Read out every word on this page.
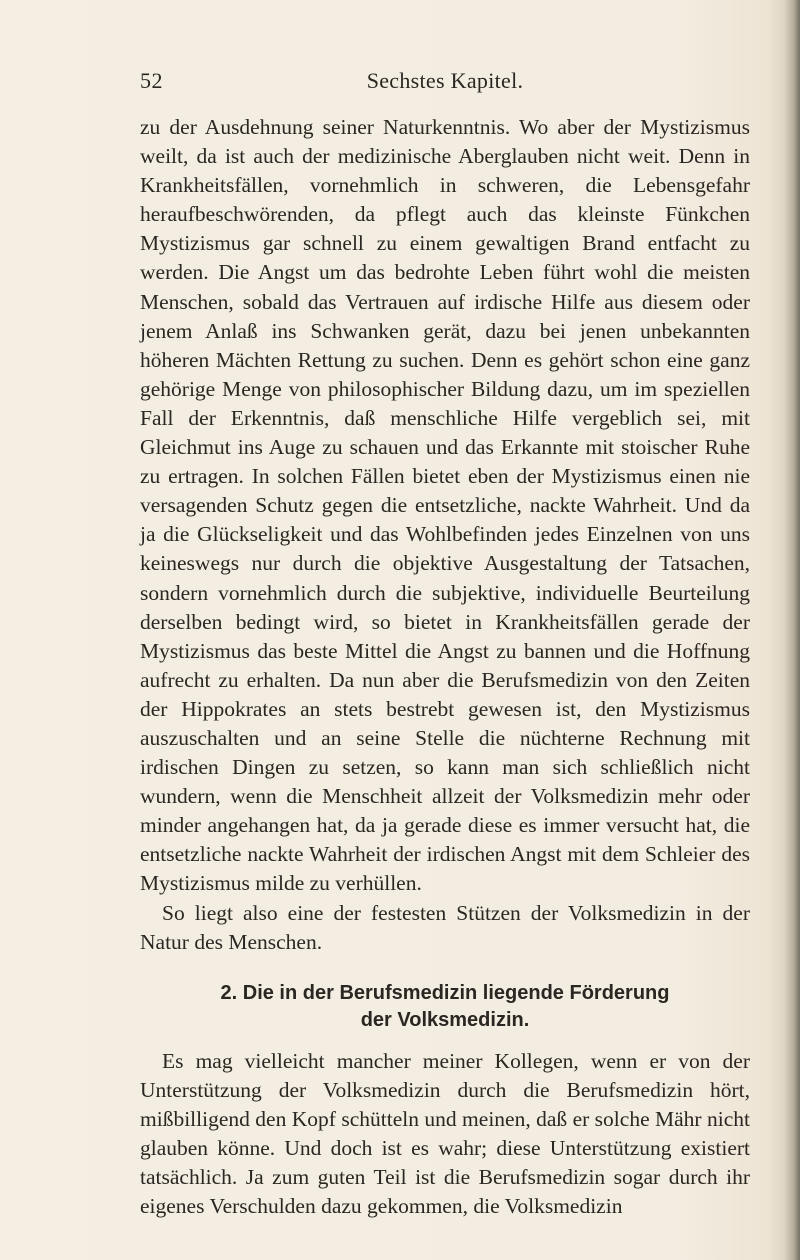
52	Sechstes Kapitel.

zu der Ausdehnung seiner Naturkenntnis. Wo aber der Mystizismus weilt, da ist auch der medizinische Aberglauben nicht weit. Denn in Krankheitsfällen, vornehmlich in schweren, die Lebensgefahr heraufbeschwörenden, da pflegt auch das kleinste Fünkchen Mystizismus gar schnell zu einem gewaltigen Brand entfacht zu werden. Die Angst um das bedrohte Leben führt wohl die meisten Menschen, sobald das Vertrauen auf irdische Hilfe aus diesem oder jenem Anlaß ins Schwanken gerät, dazu bei jenen unbekannten höheren Mächten Rettung zu suchen. Denn es gehört schon eine ganz gehörige Menge von philosophischer Bildung dazu, um im speziellen Fall der Erkenntnis, daß menschliche Hilfe vergeblich sei, mit Gleichmut ins Auge zu schauen und das Erkannte mit stoischer Ruhe zu ertragen. In solchen Fällen bietet eben der Mystizismus einen nie versagenden Schutz gegen die entsetzliche, nackte Wahrheit. Und da ja die Glückseligkeit und das Wohlbefinden jedes Einzelnen von uns keineswegs nur durch die objektive Ausgestaltung der Tatsachen, sondern vornehmlich durch die subjektive, individuelle Beurteilung derselben bedingt wird, so bietet in Krankheitsfällen gerade der Mystizismus das beste Mittel die Angst zu bannen und die Hoffnung aufrecht zu erhalten. Da nun aber die Berufsmedizin von den Zeiten der Hippokrates an stets bestrebt gewesen ist, den Mystizismus auszuschalten und an seine Stelle die nüchterne Rechnung mit irdischen Dingen zu setzen, so kann man sich schließlich nicht wundern, wenn die Menschheit allzeit der Volksmedizin mehr oder minder angehangen hat, da ja gerade diese es immer versucht hat, die entsetzliche nackte Wahrheit der irdischen Angst mit dem Schleier des Mystizismus milde zu verhüllen.

So liegt also eine der festesten Stützen der Volksmedizin in der Natur des Menschen.

2. Die in der Berufsmedizin liegende Förderung
der Volksmedizin.

Es mag vielleicht mancher meiner Kollegen, wenn er von der Unterstützung der Volksmedizin durch die Berufsmedizin hört, mißbilligend den Kopf schütteln und meinen, daß er solche Mähr nicht glauben könne. Und doch ist es wahr; diese Unterstützung existiert tatsächlich. Ja zum guten Teil ist die Berufsmedizin sogar durch ihr eigenes Verschulden dazu gekommen, die Volksmedizin
